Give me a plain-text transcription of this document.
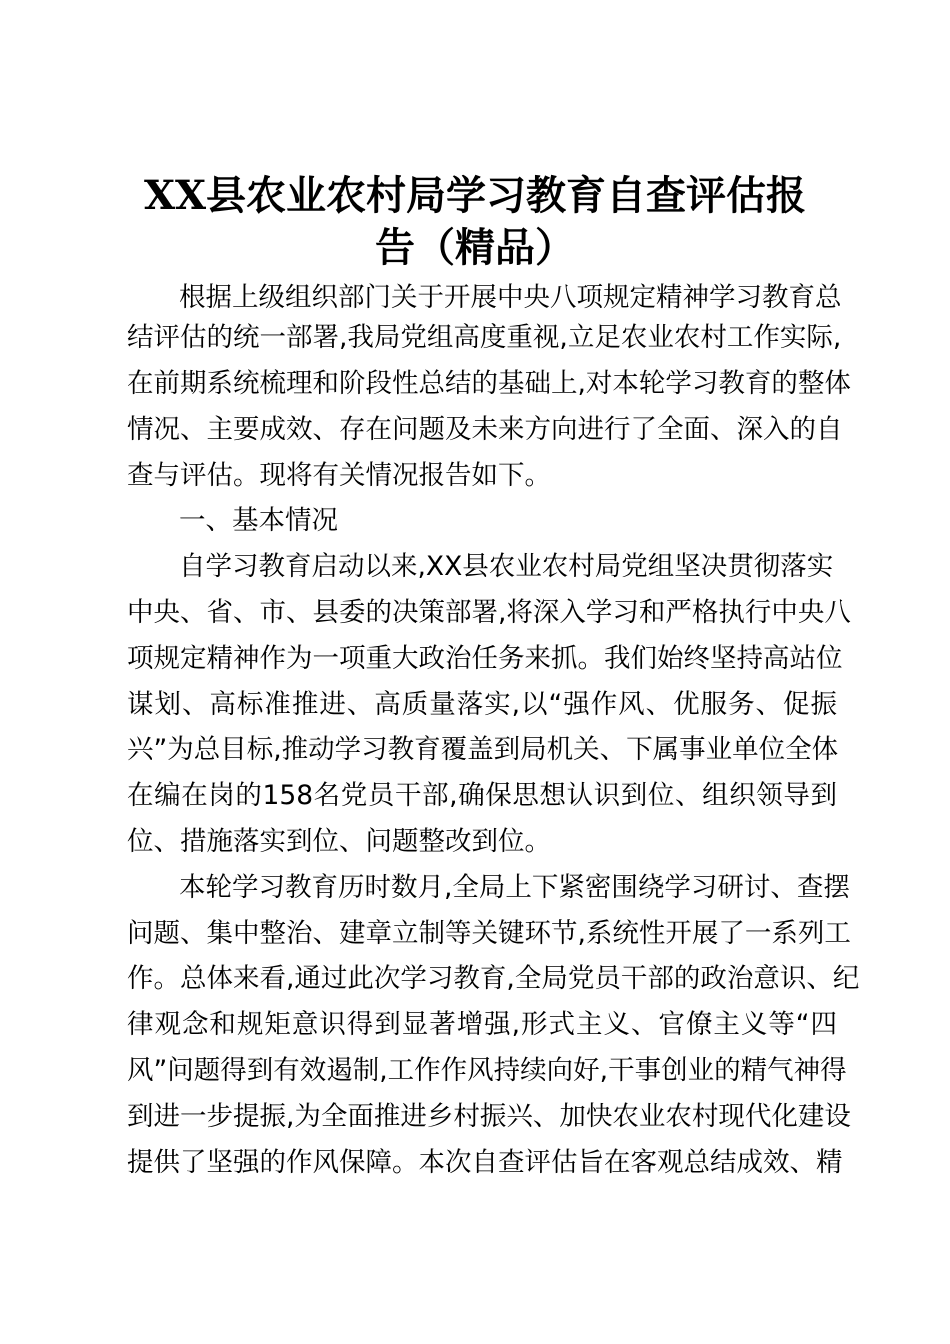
XX县农业农村局学习教育自查评估报
告（精品）

根据上级组织部门关于开展中央八项规定精神学习教育总

结评估的统一部署,我局党组高度重视,立足农业农村工作实际,

在前期系统梳理和阶段性总结的基础上,对本轮学习教育的整体

情况、主要成效、存在问题及未来方向进行了全面、深入的自

查与评估。现将有关情况报告如下。

一、基本情况

自学习教育启动以来,XX县农业农村局党组坚决贯彻落实

中央、省、市、县委的决策部署,将深入学习和严格执行中央八

项规定精神作为一项重大政治任务来抓。我们始终坚持高站位

谋划、高标准推进、高质量落实,以“强作风、优服务、促振

兴”为总目标,推动学习教育覆盖到局机关、下属事业单位全体

在编在岗的158名党员干部,确保思想认识到位、组织领导到

位、措施落实到位、问题整改到位。

本轮学习教育历时数月,全局上下紧密围绕学习研讨、查摆

问题、集中整治、建章立制等关键环节,系统性开展了一系列工

作。总体来看,通过此次学习教育,全局党员干部的政治意识、纪

律观念和规矩意识得到显著增强,形式主义、官僚主义等“四

风”问题得到有效遏制,工作作风持续向好,干事创业的精气神得

到进一步提振,为全面推进乡村振兴、加快农业农村现代化建设

提供了坚强的作风保障。本次自查评估旨在客观总结成效、精
